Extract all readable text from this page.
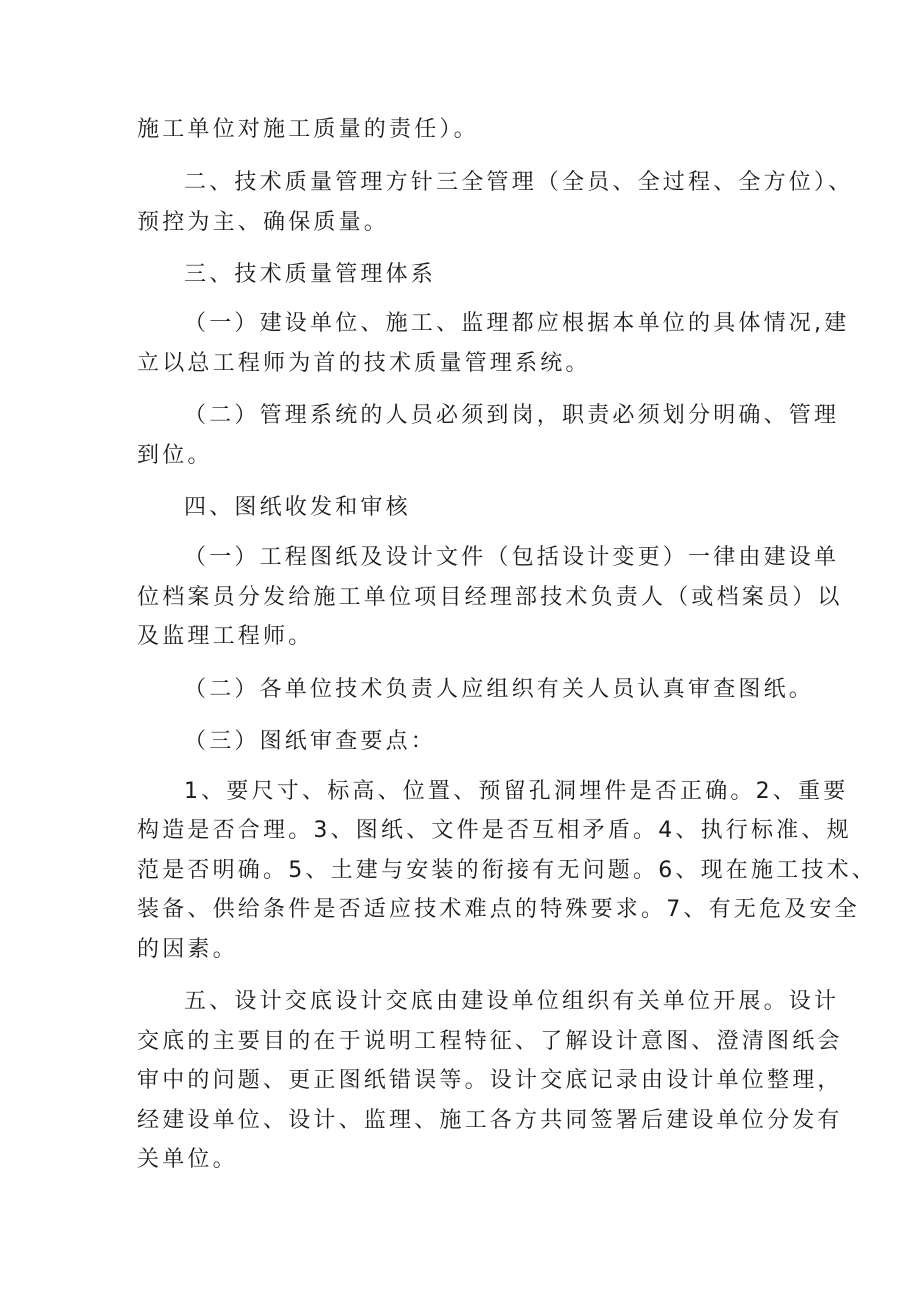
施工单位对施工质量的责任）。

二、技术质量管理方针三全管理（全员、全过程、全方位）、

预控为主、确保质量。

三、技术质量管理体系

（一）建设单位、施工、监理都应根据本单位的具体情况,建

立以总工程师为首的技术质量管理系统。

（二）管理系统的人员必须到岗，职责必须划分明确、管理

到位。

四、图纸收发和审核

（一）工程图纸及设计文件（包括设计变更）一律由建设单

位档案员分发给施工单位项目经理部技术负责人（或档案员）以

及监理工程师。

（二）各单位技术负责人应组织有关人员认真审查图纸。

（三）图纸审查要点：

1、要尺寸、标高、位置、预留孔洞埋件是否正确。2、重要

构造是否合理。3、图纸、文件是否互相矛盾。4、执行标准、规

范是否明确。5、土建与安装的衔接有无问题。6、现在施工技术、

装备、供给条件是否适应技术难点的特殊要求。7、有无危及安全

的因素。

五、设计交底设计交底由建设单位组织有关单位开展。设计

交底的主要目的在于说明工程特征、了解设计意图、澄清图纸会

审中的问题、更正图纸错误等。设计交底记录由设计单位整理，

经建设单位、设计、监理、施工各方共同签署后建设单位分发有

关单位。
